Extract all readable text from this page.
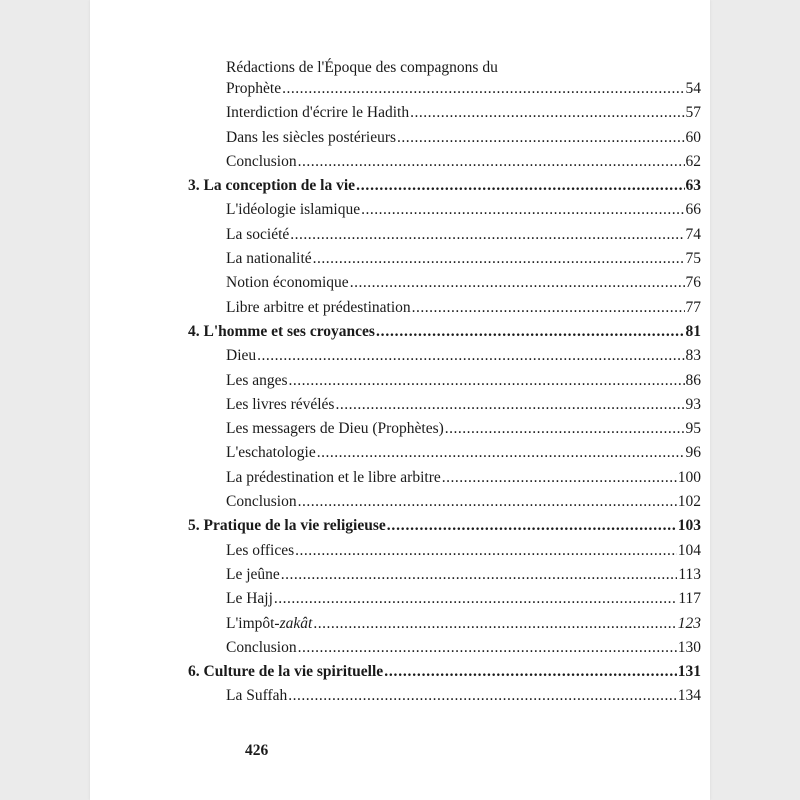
Rédactions de l'Époque des compagnons du
Prophète .....	54
Interdiction d'écrire le Hadith .....	57
Dans les siècles postérieurs .....	60
Conclusion .....	62
3. La conception de la vie .....	63
L'idéologie islamique .....	66
La société .....	74
La nationalité .....	75
Notion économique .....	76
Libre arbitre et prédestination .....	77
4. L'homme et ses croyances .....	81
Dieu .....	83
Les anges .....	86
Les livres révélés .....	93
Les messagers de Dieu (Prophètes) .....	95
L'eschatologie .....	96
La prédestination et le libre arbitre .....	100
Conclusion .....	102
5. Pratique de la vie religieuse .....	103
Les offices .....	104
Le jeûne .....	113
Le Hajj .....	117
L'impôt-zakât .....	123
Conclusion .....	130
6. Culture de la vie spirituelle .....	131
La Suffah .....	134
426
